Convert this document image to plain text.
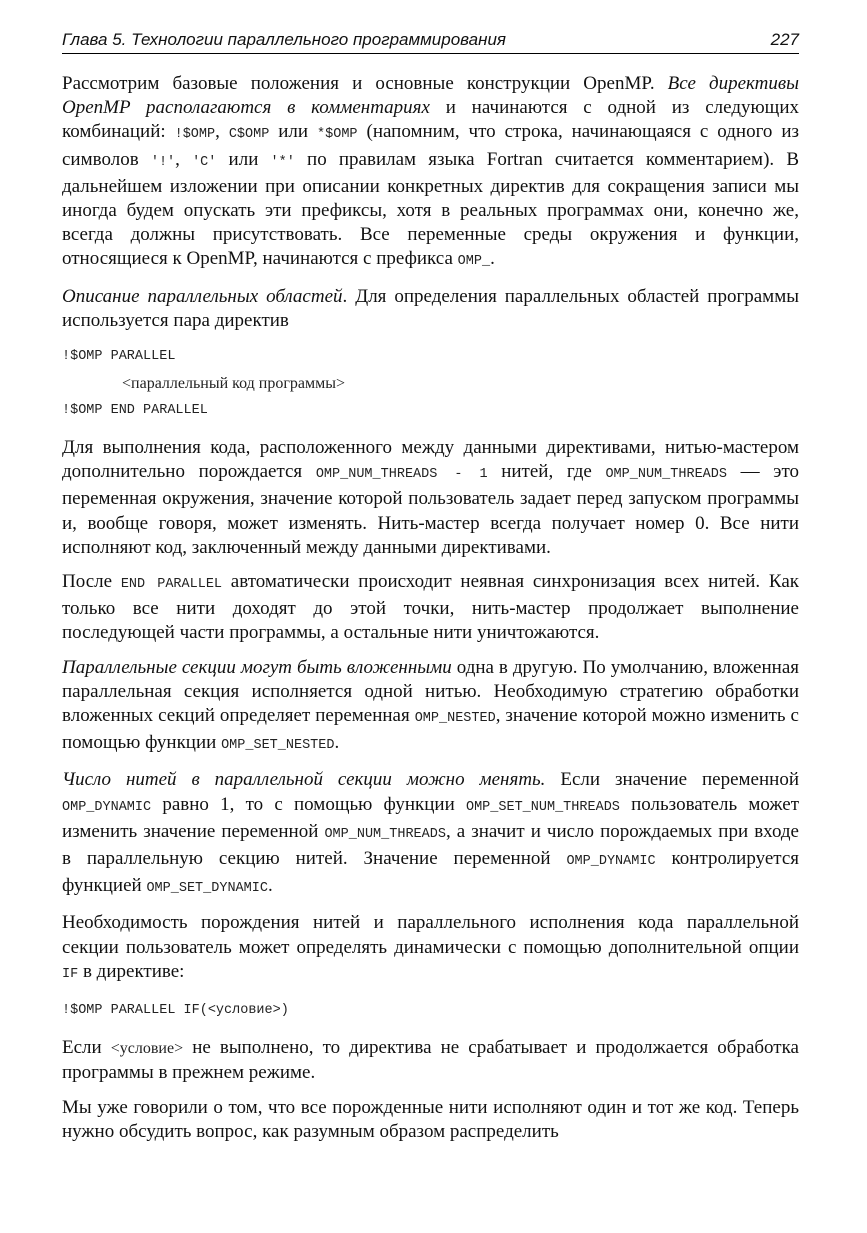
Глава 5. Технологии параллельного программирования	227

Рассмотрим базовые положения и основные конструкции OpenMP. Все директивы OpenMP располагаются в комментариях и начинаются с одной из следующих комбинаций: !$OMP, C$OMP или *$OMP (напомним, что строка, начинающаяся с одного из символов '!', 'C' или '*' по правилам языка Fortran считается комментарием). В дальнейшем изложении при описании конкретных директив для сокращения записи мы иногда будем опускать эти префиксы, хотя в реальных программах они, конечно же, всегда должны присутствовать. Все переменные среды окружения и функции, относящиеся к OpenMP, начинаются с префикса OMP_.

Описание параллельных областей. Для определения параллельных областей программы используется пара директив

!$OMP PARALLEL
<параллельный код программы>
!$OMP END PARALLEL

Для выполнения кода, расположенного между данными директивами, нитью-мастером дополнительно порождается OMP_NUM_THREADS - 1 нитей, где OMP_NUM_THREADS — это переменная окружения, значение которой пользователь задает перед запуском программы и, вообще говоря, может изменять. Нить-мастер всегда получает номер 0. Все нити исполняют код, заключенный между данными директивами.

После END PARALLEL автоматически происходит неявная синхронизация всех нитей. Как только все нити доходят до этой точки, нить-мастер продолжает выполнение последующей части программы, а остальные нити уничтожаются.

Параллельные секции могут быть вложенными одна в другую. По умолчанию, вложенная параллельная секция исполняется одной нитью. Необходимую стратегию обработки вложенных секций определяет переменная OMP_NESTED, значение которой можно изменить с помощью функции OMP_SET_NESTED.

Число нитей в параллельной секции можно менять. Если значение переменной OMP_DYNAMIC равно 1, то с помощью функции OMP_SET_NUM_THREADS пользователь может изменить значение переменной OMP_NUM_THREADS, а значит и число порождаемых при входе в параллельную секцию нитей. Значение переменной OMP_DYNAMIC контролируется функцией OMP_SET_DYNAMIC.

Необходимость порождения нитей и параллельного исполнения кода параллельной секции пользователь может определять динамически с помощью дополнительной опции IF в директиве:

!$OMP PARALLEL IF(<условие>)

Если <условие> не выполнено, то директива не срабатывает и продолжается обработка программы в прежнем режиме.

Мы уже говорили о том, что все порожденные нити исполняют один и тот же код. Теперь нужно обсудить вопрос, как разумным образом распределить
